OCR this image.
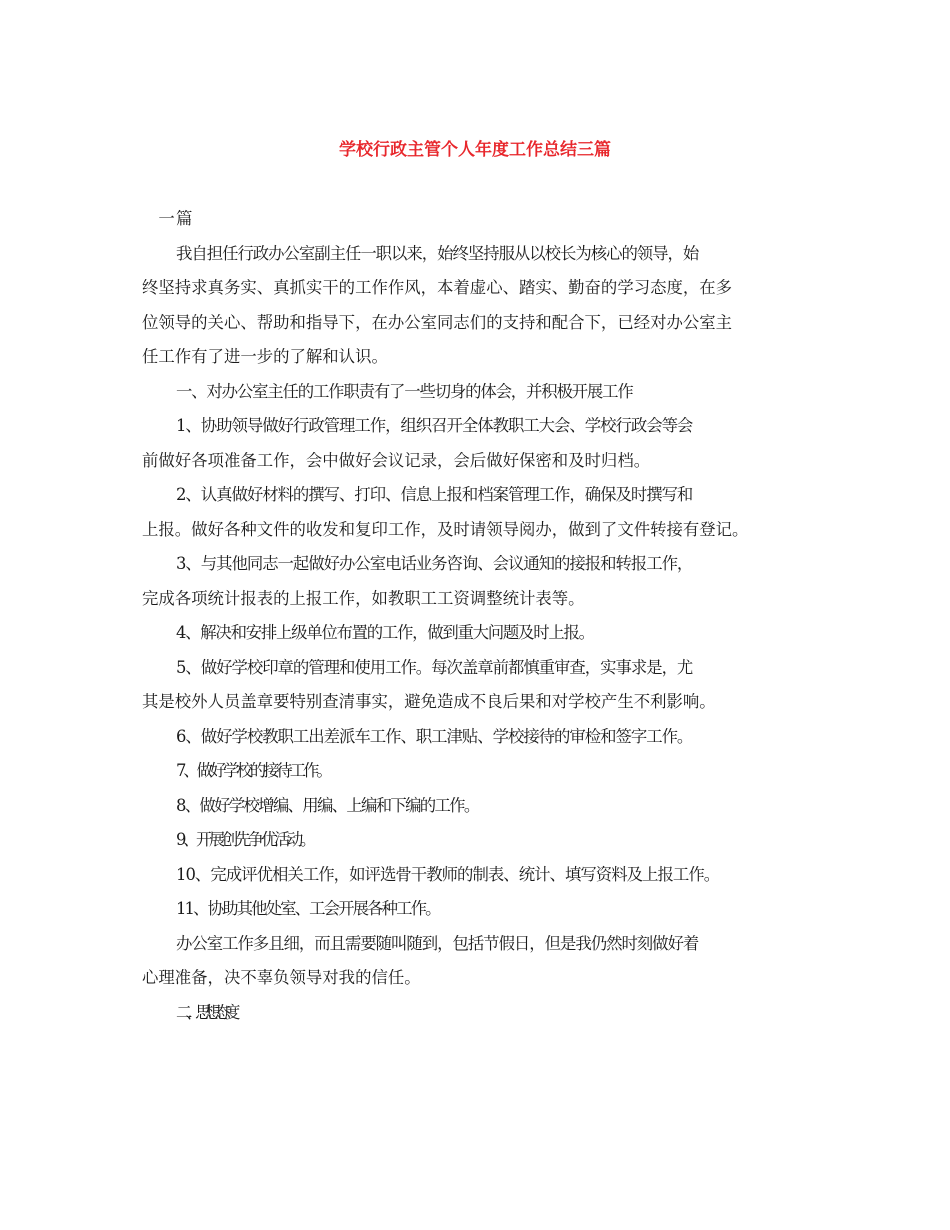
学校行政主管个人年度工作总结三篇
我自担任行政办公室副主任一职以来，始终坚持服从以校长为核心的领导，始
终坚持求真务实、真抓实干的工作作风，本着虚心、踏实、勤奋的学习态度，在多
位领导的关心、帮助和指导下，在办公室同志们的支持和配合下，已经对办公室主
任工作有了进一步的了解和认识。
一、对办公室主任的工作职责有了一些切身的体会，并积极开展工作
1、协助领导做好行政管理工作，组织召开全体教职工大会、学校行政会等会
前做好各项准备工作，会中做好会议记录，会后做好保密和及时归档。
2、认真做好材料的撰写、打印、信息上报和档案管理工作，确保及时撰写和
上报。做好各种文件的收发和复印工作，及时请领导阅办，做到了文件转接有登记。
3、与其他同志一起做好办公室电话业务咨询、会议通知的接报和转报工作，
完成各项统计报表的上报工作，如教职工工资调整统计表等。
4、解决和安排上级单位布置的工作，做到重大问题及时上报。
5、做好学校印章的管理和使用工作。每次盖章前都慎重审查，实事求是，尤
其是校外人员盖章要特别查清事实，避免造成不良后果和对学校产生不利影响。
6、做好学校教职工出差派车工作、职工津贴、学校接待的审检和签字工作。
7、做好学校的接待工作。
8、做好学校增编、用编、上编和下编的工作。
9、开展创先争优活动。
10、完成评优相关工作，如评选骨干教师的制表、统计、填写资料及上报工作。
11、协助其他处室、工会开展各种工作。
办公室工作多且细，而且需要随叫随到，包括节假日，但是我仍然时刻做好着
心理准备，决不辜负领导对我的信任。
二、思想态度
